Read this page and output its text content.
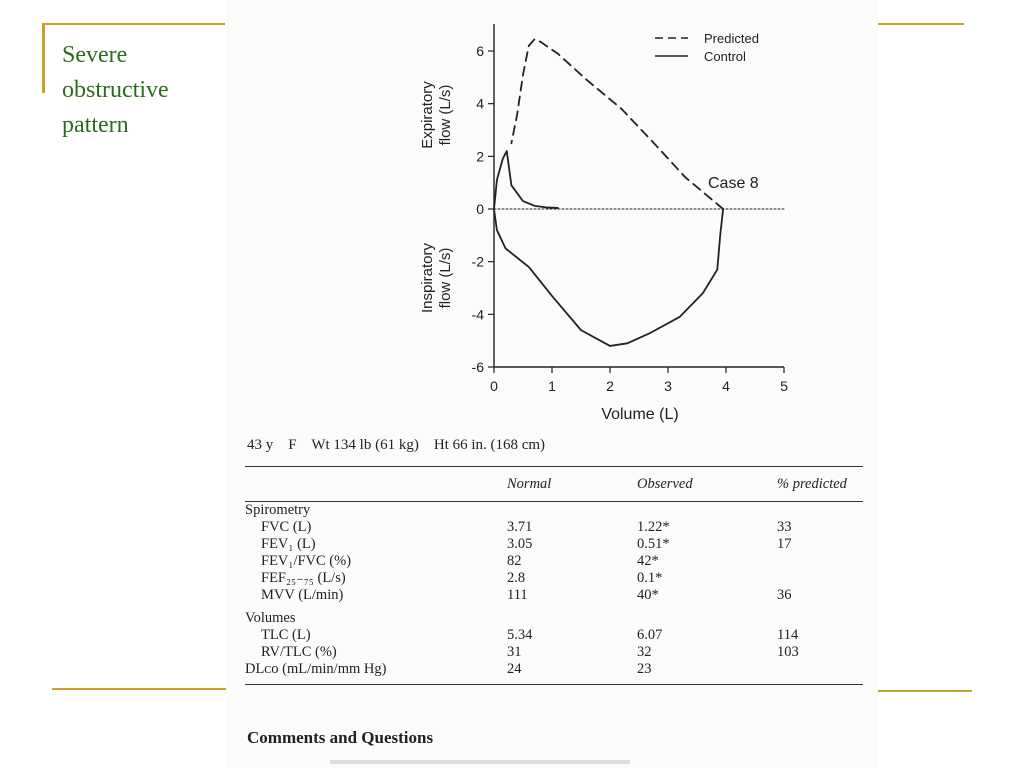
Severe obstructive pattern
0	1	2	3	4	5
6
4
2
0
-2
-4
-6
Volume (L)
Expiratoryflow (L/s)
Inspiratoryflow (L/s)
Case 8
Predicted
Control
43 y F Wt 134 lb (61 kg) Ht 66 in. (168 cm)
	Normal	Observed	% predicted
Spirometry			
FVC (L)	3.71	1.22*	33
FEV₁ (L)	3.05	0.51*	17
FEV₁/FVC (%)	82	42*	
FEF₂₅₋₇₅ (L/s)	2.8	0.1*	
MVV (L/min)	111	40*	36
Volumes			
TLC (L)	5.34	6.07	114
RV/TLC (%)	31	32	103
DLᴄᴏ (mL/min/mm Hg)	24	23	
Comments and Questions
